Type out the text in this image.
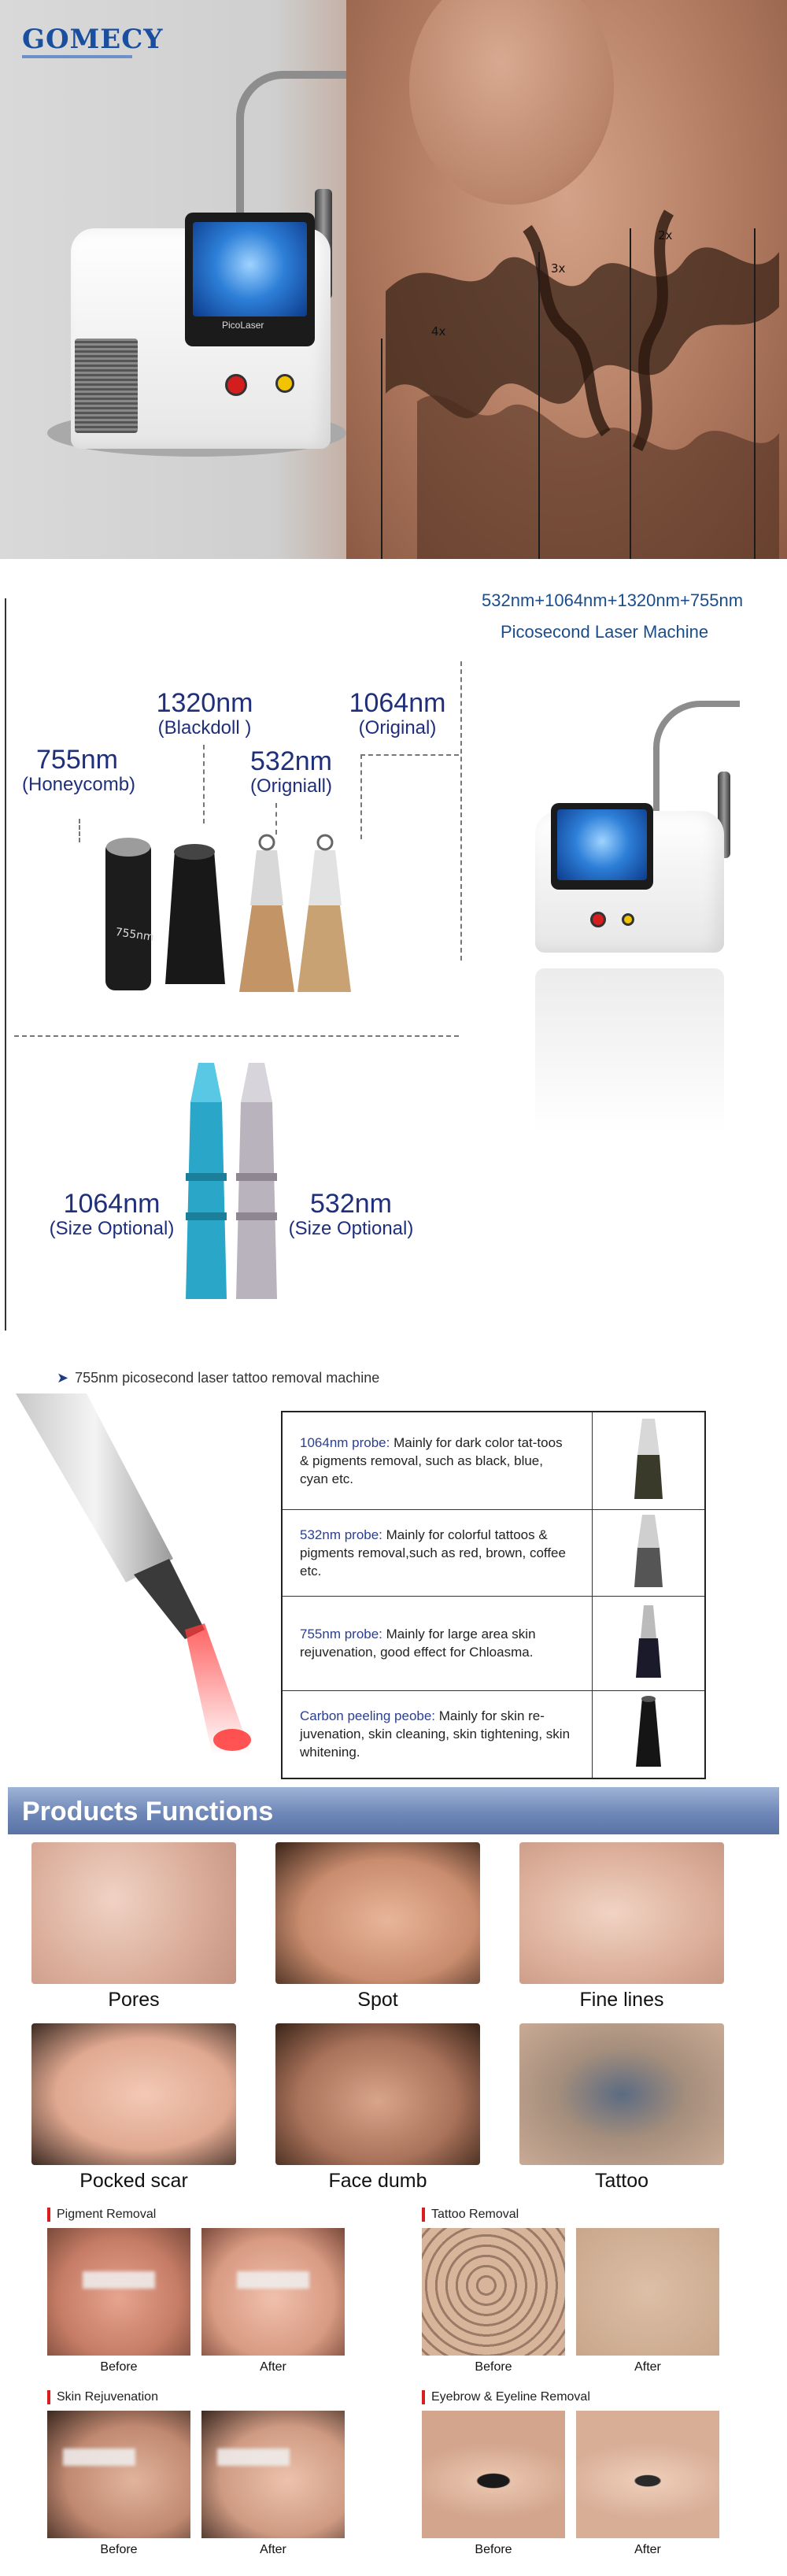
4x
3x
2x
GOMECY
PicoLaser
532nm+1064nm+1320nm+755nm
Picosecond Laser Machine
755nm
(Honeycomb)
1320nm
(Blackdoll )
532nm
(Origniall)
1064nm
(Original)
755nm
1064nm
(Size Optional)
532nm
(Size Optional)
➤ 755nm picosecond laser tattoo removal machine
1064nm probe: Mainly for dark color tat-toos & pigments removal, such as black, blue, cyan etc.	
532nm probe: Mainly for colorful tattoos & pigments removal,such as red, brown, coffee etc.	
755nm probe: Mainly for large area skin rejuvenation, good effect for Chloasma.	
Carbon peeling peobe: Mainly for skin re-juvenation, skin cleaning, skin tightening, skin whitening.	
Products Functions
Pores	Spot	Fine lines
Pocked scar	Face dumb	Tattoo
Pigment Removal
Before	After
Tattoo Removal
Before	After
Skin Rejuvenation
Before	After
Eyebrow & Eyeline Removal
Before	After
